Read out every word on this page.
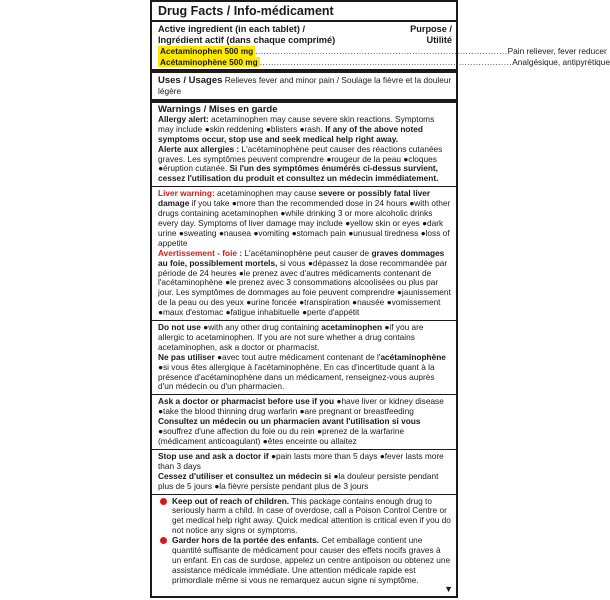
Drug Facts / Info-médicament
Active ingredient (in each tablet) /
Ingrédient actif (dans chaque comprimé)
Purpose /
Utilité
Acetaminophen 500 mg .......................................................................................... Pain reliever, fever reducer
Acétaminophène 500 mg .......................................................................................... Analgésique, antipyrétique
Uses / Usages Relieves fever and minor pain / Soulage la fièvre et la douleur légère
Warnings / Mises en garde

Allergy alert: acetaminophen may cause severe skin reactions. Symptoms may include ●skin reddening ●blisters ●rash. If any of the above noted symptoms occur, stop use and seek medical help right away.

Alerte aux allergies : L'acétaminophène peut causer des réactions cutanées graves. Les symptômes peuvent comprendre ●rougeur de la peau ●cloques ●éruption cutanée. Si l'un des symptômes énumérés ci-dessus survient, cessez l'utilisation du produit et consultez un médecin immédiatement.

Liver warning: acetaminophen may cause severe or possibly fatal liver damage if you take ●more than the recommended dose in 24 hours ●with other drugs containing acetaminophen ●while drinking 3 or more alcoholic drinks every day. Symptoms of liver damage may include ●yellow skin or eyes ●dark urine ●sweating ●nausea ●vomiting ●stomach pain ●unusual tiredness ●loss of appetite

Avertissement - foie : L'acétaminophène peut causer de graves dommages au foie, possiblement mortels, si vous ●dépassez la dose recommandée par période de 24 heures ●le prenez avec d'autres médicaments contenant de l'acétaminophène ●le prenez avec 3 consommations alcoolisées ou plus par jour. Les symptômes de dommages au foie peuvent comprendre ●jaunissement de la peau ou des yeux ●urine foncée ●transpiration ●nausée ●vomissement ●maux d'estomac ●fatigue inhabituelle ●perte d'appétit

Do not use ●with any other drug containing acetaminophen ●if you are allergic to acetaminophen. If you are not sure whether a drug contains acetaminophen, ask a doctor or pharmacist.

Ne pas utiliser ●avec tout autre médicament contenant de l'acétaminophène ●si vous êtes allergique à l'acétaminophène. En cas d'incertitude quant à la présence d'acétaminophène dans un médicament, renseignez-vous auprès d'un médecin ou d'un pharmacien.

Ask a doctor or pharmacist before use if you ●have liver or kidney disease ●take the blood thinning drug warfarin ●are pregnant or breastfeeding

Consultez un médecin ou un pharmacien avant l'utilisation si vous ●souffrez d'une affection du foie ou du rein ●prenez de la warfarine (médicament anticoagulant) ●êtes enceinte ou allaitez

Stop use and ask a doctor if ●pain lasts more than 5 days ●fever lasts more than 3 days

Cessez d'utiliser et consultez un médecin si ●la douleur persiste pendant plus de 5 jours ●la fièvre persiste pendant plus de 3 jours

Keep out of reach of children. This package contains enough drug to seriously harm a child. In case of overdose, call a Poison Control Centre or get medical help right away. Quick medical attention is critical even if you do not notice any signs or symptoms.

Garder hors de la portée des enfants. Cet emballage contient une quantité suffisante de médicament pour causer des effets nocifs graves à un enfant. En cas de surdose, appelez un centre antipoison ou obtenez une assistance médicale immédiate. Une attention médicale rapide est primordiale même si vous ne remarquez aucun signe ni symptôme.

▼
